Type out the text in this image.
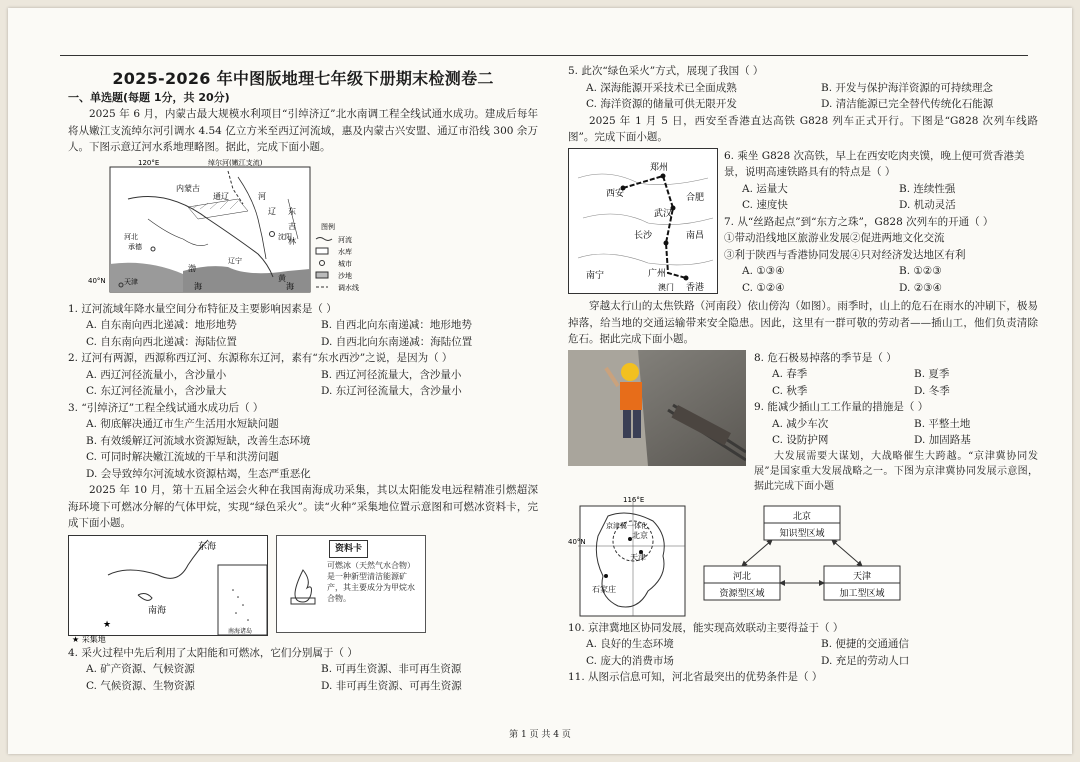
2025-2026 年中图版地理七年级下册期末检测卷二

一、单选题(每题 1分，共 20分)

2025 年 6 月，内蒙古最大规模水利项目“引绰济辽”北水南调工程全线试通水成功。建成后每年将从嫩江支流绰尔河引调水 4.54 亿立方米至西辽河流域，惠及内蒙古兴安盟、通辽市沿线 300 余万人。下图示意辽河水系地理略图。据此，完成下面小题。

120°E	绰尔河(嫩江支流)
40°N
内蒙古
通辽	河
辽 东
吉
林
沈阳
河北
承德
天津
渤
海
辽宁
黄
海
图例
河流
水库
城市
沙地
调水线

1. 辽河流域年降水量空间分布特征及主要影响因素是（ ）

A. 自东南向西北递减：地形地势	B. 自西北向东南递减：地形地势
C. 自东南向西北递减：海陆位置	D. 自西北向东南递减：海陆位置

2. 辽河有两源，西源称西辽河、东源称东辽河，素有“东水西沙”之说，是因为（ ）

A. 西辽河径流量小，含沙量小	B. 西辽河径流量大，含沙量小
C. 东辽河径流量小，含沙量大	D. 东辽河径流量大，含沙量小

3. “引绰济辽”工程全线试通水成功后（ ）

A. 彻底解决通辽市生产生活用水短缺问题

B. 有效缓解辽河流域水资源短缺，改善生态环境

C. 可同时解决嫩江流域的干旱和洪涝问题

D. 会导致绰尔河流域水资源枯竭，生态严重恶化

2025 年 10 月，第十五届全运会火种在我国南海成功采集，其以太阳能发电远程精准引燃超深海环境下可燃冰分解的气体甲烷，实现“绿色采火”。读“火种”采集地位置示意图和可燃冰资料卡，完成下面小题。

东海
南海
南海诸岛
★
★ 采集地
资料卡
可燃冰（天然气水合物）是一种新型清洁能源矿产，其主要成分为甲烷水合物。

4. 采火过程中先后利用了太阳能和可燃冰，它们分别属于（ ）

A. 矿产资源、气候资源	B. 可再生资源、非可再生资源
C. 气候资源、生物资源	D. 非可再生资源、可再生资源

5. 此次“绿色采火”方式，展现了我国（ ）

A. 深海能源开采技术已全面成熟	B. 开发与保护海洋资源的可持续理念
C. 海洋资源的储量可供无限开发	D. 清洁能源已完全替代传统化石能源

2025 年 1 月 5 日，西安至香港直达高铁 G828 列车正式开行。下图是“G828 次列车线路图”。完成下面小题。

郑州
西安
武汉
合肥
长沙	南昌
南宁	广州
香港
澳门

6. 乘坐 G828 次高铁，早上在西安吃肉夹馍，晚上便可赏香港美景，说明高速铁路具有的特点是（ ）

A. 运量大	B. 连续性强
C. 速度快	D. 机动灵活

7. 从“丝路起点”到“东方之珠”，G828 次列车的开通（ ）

①带动沿线地区旅游业发展②促进两地文化交流

③利于陕西与香港协同发展④只对经济发达地区有利

A. ①③④	B. ①②③
C. ①②④	D. ②③④

穿越太行山的太焦铁路（河南段）依山傍沟（如图）。雨季时，山上的危石在雨水的冲刷下，极易掉落，给当地的交通运输带来安全隐患。因此，这里有一群可敬的劳动者——插山工，他们负责清除危石。据此完成下面小题。

8. 危石极易掉落的季节是（ ）

A. 春季	B. 夏季
C. 秋季	D. 冬季

9. 能减少插山工工作量的措施是（ ）

A. 减少车次	B. 平整土地
C. 设防护网	D. 加固路基

大发展需要大谋划，大战略催生大跨越。“京津冀协同发展”是国家重大发展战略之一。下图为京津冀协同发展示意图，据此完成下面小题

116°E
40°N
京津冀一体化
北京
天津
石家庄
北京
知识型区域
河北
资源型区域
天津
加工型区域

10. 京津冀地区协同发展，能实现高效联动主要得益于（ ）

A. 良好的生态环境	B. 便捷的交通通信
C. 庞大的消费市场	D. 充足的劳动人口

11. 从图示信息可知，河北省最突出的优势条件是（ ）

第 1 页 共 4 页
